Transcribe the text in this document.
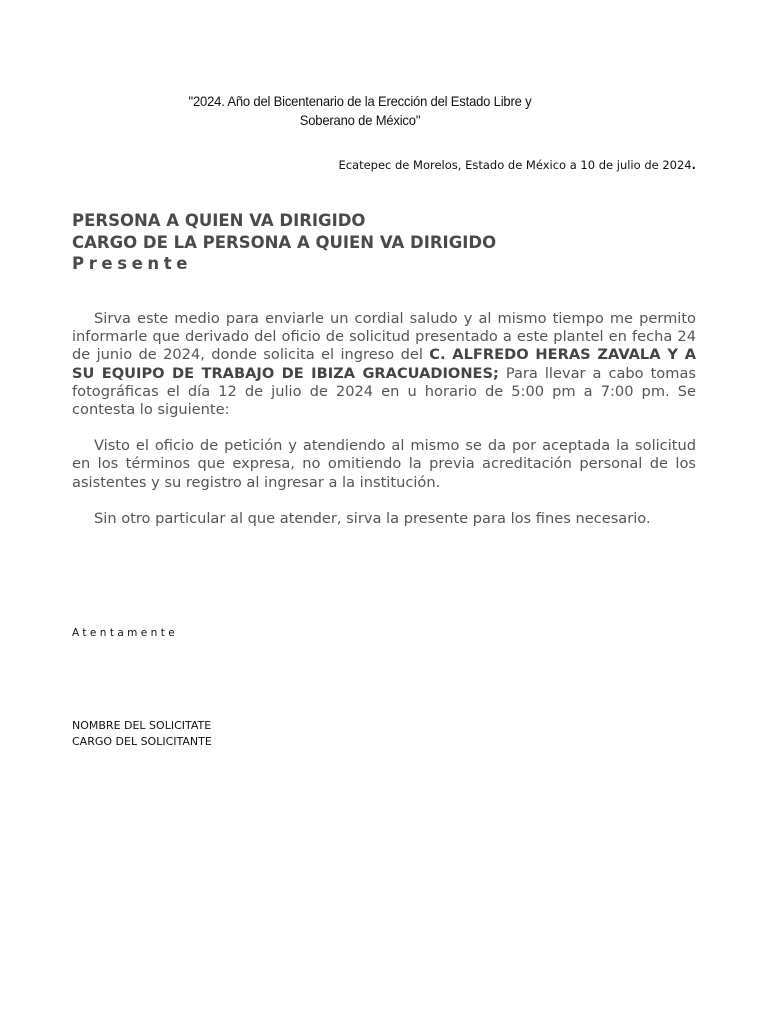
"2024. Año del Bicentenario de la Erección del Estado Libre y
Soberano de México"
Ecatepec de Morelos, Estado de México a 10 de julio de 2024.
PERSONA A QUIEN VA DIRIGIDO
CARGO DE LA PERSONA A QUIEN VA DIRIGIDO
Presente

Sirva este medio para enviarle un cordial saludo y al mismo tiempo me permito informarle que derivado del oficio de solicitud presentado a este plantel en fecha 24 de junio de 2024, donde solicita el ingreso del C. ALFREDO HERAS ZAVALA Y A SU EQUIPO DE TRABAJO DE IBIZA GRACUADIONES; Para llevar a cabo tomas fotográficas el día 12 de julio de 2024 en u horario de 5:00 pm a 7:00 pm. Se contesta lo siguiente:

Visto el oficio de petición y atendiendo al mismo se da por aceptada la solicitud en los términos que expresa, no omitiendo la previa acreditación personal de los asistentes y su registro al ingresar a la institución.

Sin otro particular al que atender, sirva la presente para los fines necesario.

Atentamente
NOMBRE DEL SOLICITATE
CARGO DEL SOLICITANTE
